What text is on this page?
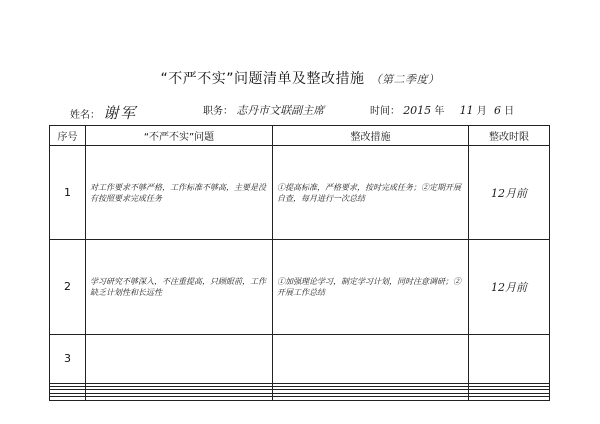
“不严不实”问题清单及整改措施 （第二季度）
姓名： 谢军	职务： 志丹市文联副主席	时间： 2015 年 11 月 6 日
序号	“不严不实”问题	整改措施	整改时限
1	对工作要求不够严格，工作标准不够高，主要是没有按照要求完成任务	①提高标准，严格要求，按时完成任务；②定期开展自查，每月进行一次总结	12月前
2	学习研究不够深入，不注重提高，只顾眼前，工作缺乏计划性和长远性	①加强理论学习，制定学习计划，同时注意调研；②开展工作总结	12月前
3			
